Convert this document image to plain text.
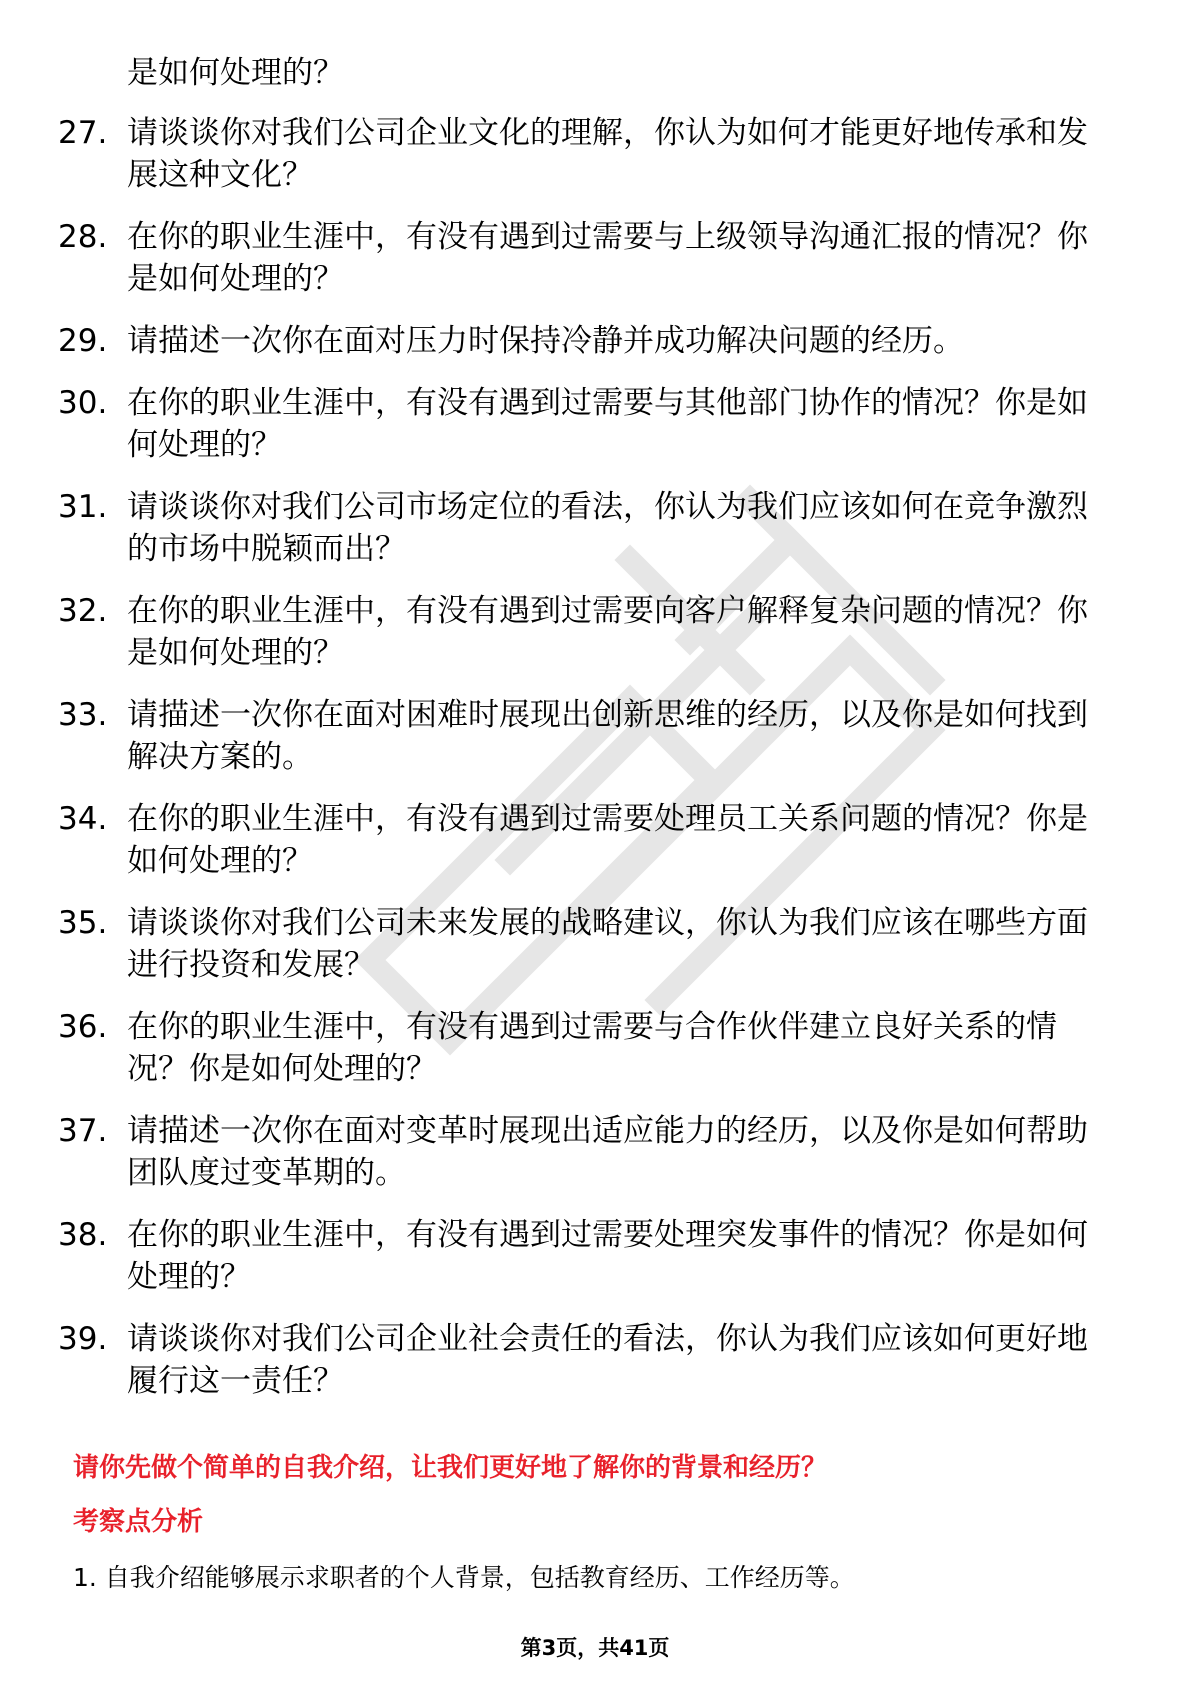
是如何处理的？
27. 请谈谈你对我们公司企业文化的理解，你认为如何才能更好地传承和发展这种文化？
28. 在你的职业生涯中，有没有遇到过需要与上级领导沟通汇报的情况？你是如何处理的？
29. 请描述一次你在面对压力时保持冷静并成功解决问题的经历。
30. 在你的职业生涯中，有没有遇到过需要与其他部门协作的情况？你是如何处理的？
31. 请谈谈你对我们公司市场定位的看法，你认为我们应该如何在竞争激烈的市场中脱颖而出？
32. 在你的职业生涯中，有没有遇到过需要向客户解释复杂问题的情况？你是如何处理的？
33. 请描述一次你在面对困难时展现出创新思维的经历，以及你是如何找到解决方案的。
34. 在你的职业生涯中，有没有遇到过需要处理员工关系问题的情况？你是如何处理的？
35. 请谈谈你对我们公司未来发展的战略建议，你认为我们应该在哪些方面进行投资和发展？
36. 在你的职业生涯中，有没有遇到过需要与合作伙伴建立良好关系的情况？你是如何处理的？
37. 请描述一次你在面对变革时展现出适应能力的经历，以及你是如何帮助团队度过变革期的。
38. 在你的职业生涯中，有没有遇到过需要处理突发事件的情况？你是如何处理的？
39. 请谈谈你对我们公司企业社会责任的看法，你认为我们应该如何更好地履行这一责任？
请你先做个简单的自我介绍，让我们更好地了解你的背景和经历？
考察点分析
1. 自我介绍能够展示求职者的个人背景，包括教育经历、工作经历等。
第3页，共41页
